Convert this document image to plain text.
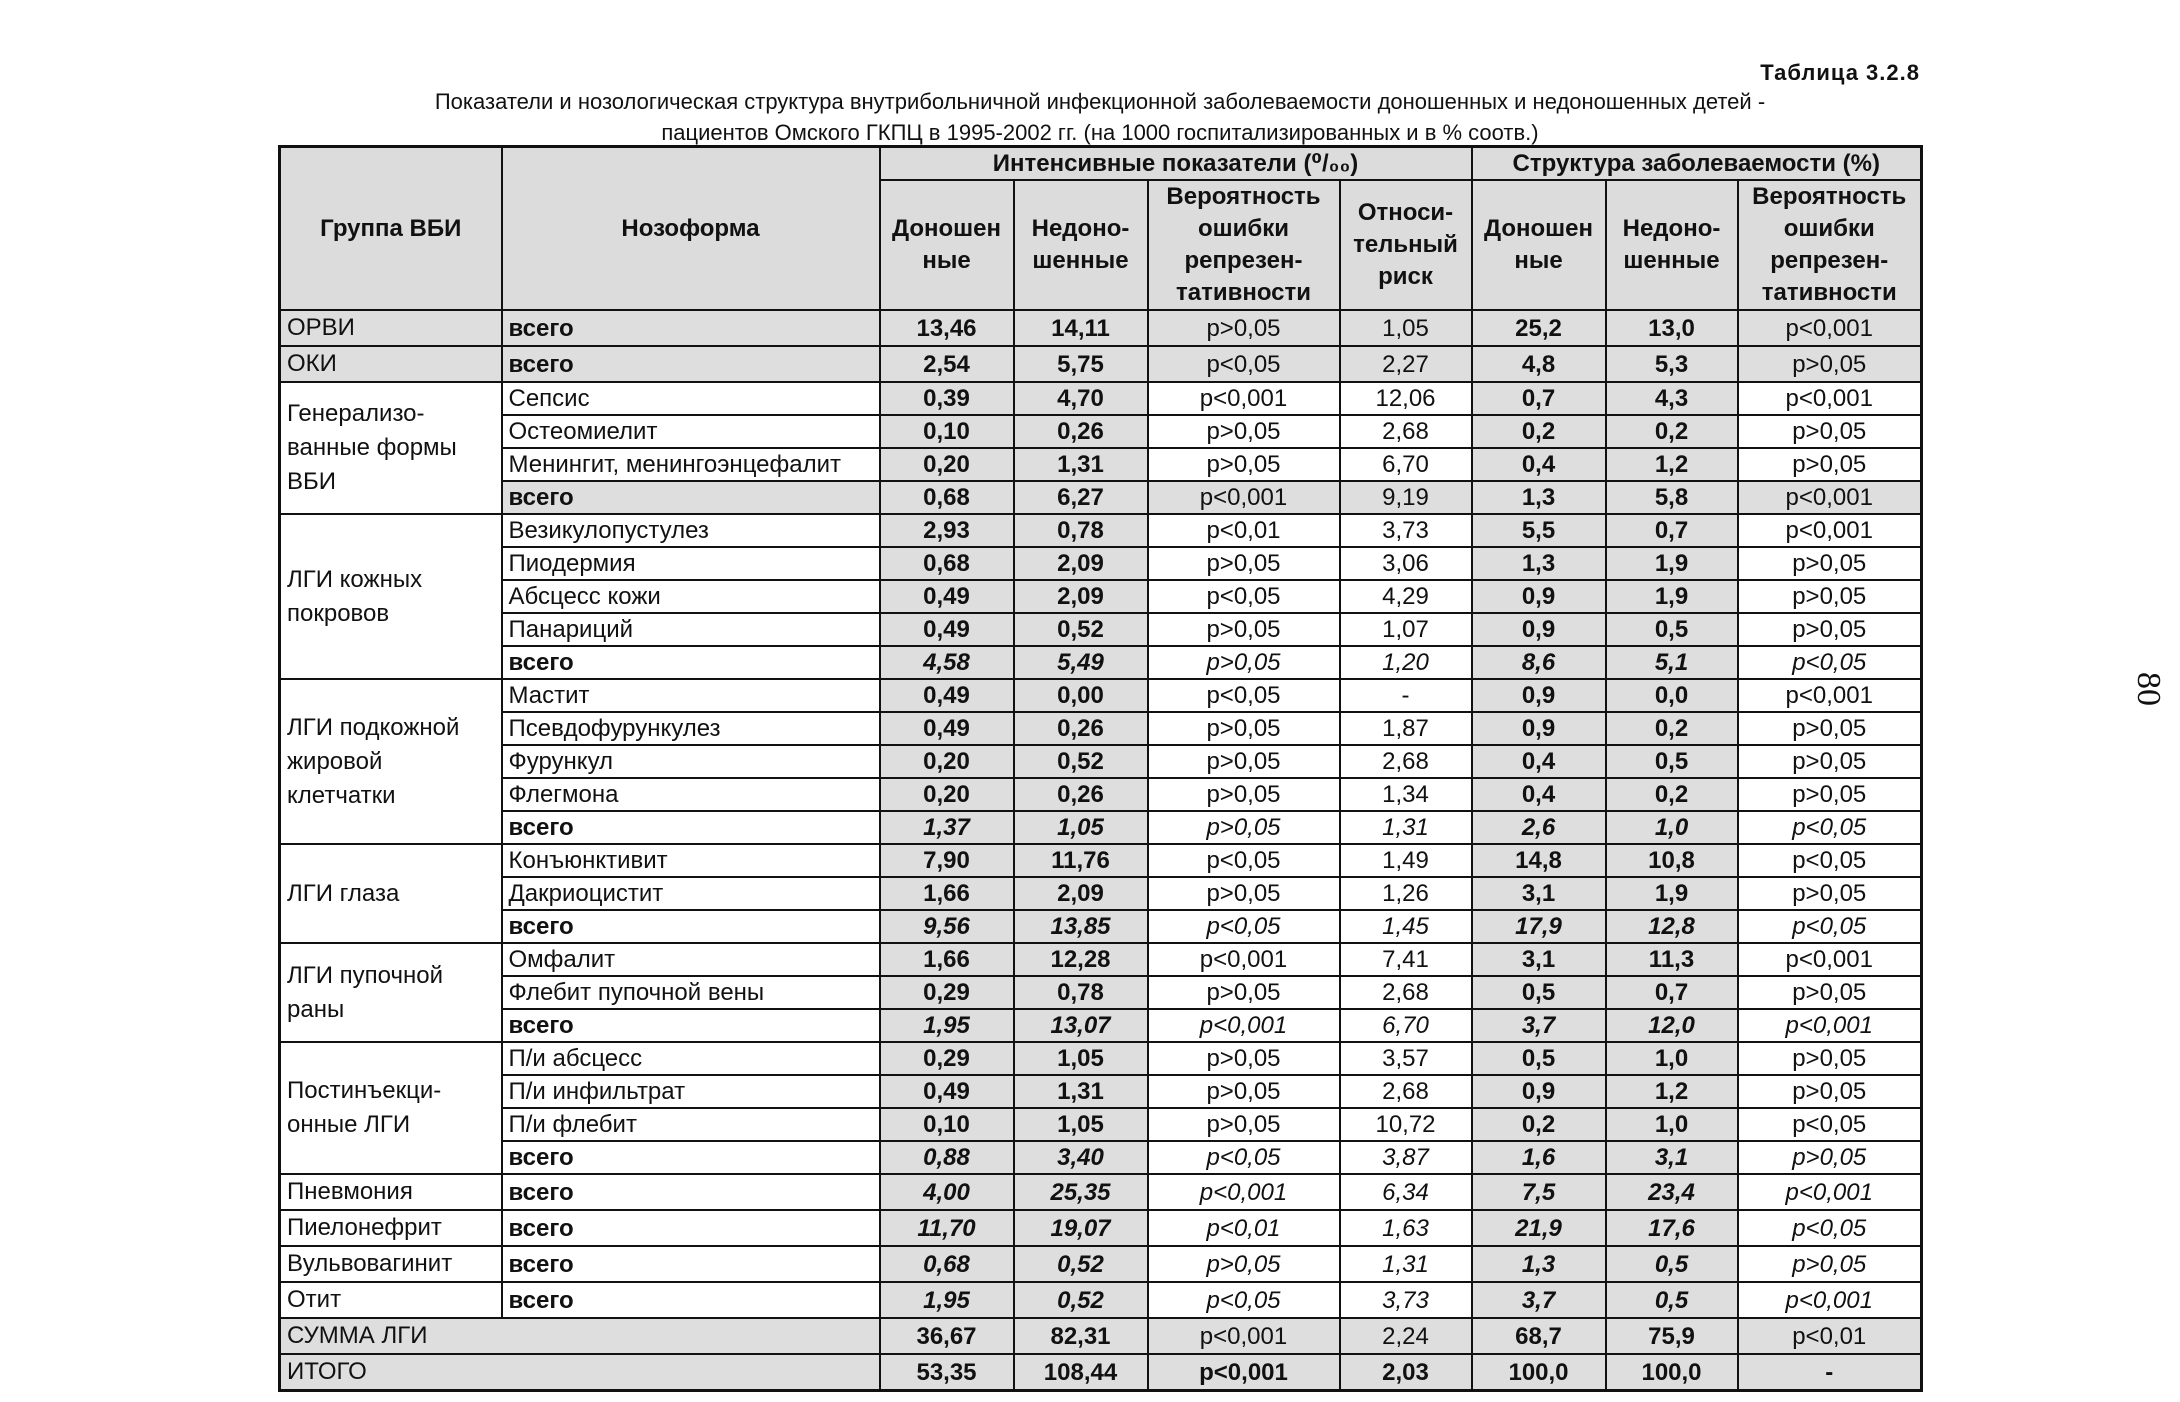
Таблица 3.2.8
Показатели и нозологическая структура внутрибольничной инфекционной заболеваемости доношенных и недоношенных детей -
пациентов Омского ГКПЦ в 1995-2002 гг. (на 1000 госпитализированных и в % соотв.)
80
Группа ВБИ	Нозоформа	Интенсивные показатели (⁰/₀₀)				Структура заболеваемости (%)		
		Доношен ные	Недоно- шенные	Вероятность ошибки репрезен- тативности	Относи- тельный риск	Доношен ные	Недоно- шенные	Вероятность ошибки репрезен- тативности
ОРВИ	всего	13,46	14,11	p>0,05	1,05	25,2	13,0	p<0,001
ОКИ	всего	2,54	5,75	p<0,05	2,27	4,8	5,3	p>0,05
Генерализо- ванные формы ВБИ	Сепсис	0,39	4,70	p<0,001	12,06	0,7	4,3	p<0,001
	Остеомиелит	0,10	0,26	p>0,05	2,68	0,2	0,2	p>0,05
	Менингит, менингоэнцефалит	0,20	1,31	p>0,05	6,70	0,4	1,2	p>0,05
	всего	0,68	6,27	p<0,001	9,19	1,3	5,8	p<0,001
ЛГИ кожных покровов	Везикулопустулез	2,93	0,78	p<0,01	3,73	5,5	0,7	p<0,001
	Пиодермия	0,68	2,09	p>0,05	3,06	1,3	1,9	p>0,05
	Абсцесс кожи	0,49	2,09	p<0,05	4,29	0,9	1,9	p>0,05
	Панариций	0,49	0,52	p>0,05	1,07	0,9	0,5	p>0,05
	всего	4,58	5,49	p>0,05	1,20	8,6	5,1	p<0,05
ЛГИ подкожной жировой клетчатки	Мастит	0,49	0,00	p<0,05	-	0,9	0,0	p<0,001
	Псевдофурункулез	0,49	0,26	p>0,05	1,87	0,9	0,2	p>0,05
	Фурункул	0,20	0,52	p>0,05	2,68	0,4	0,5	p>0,05
	Флегмона	0,20	0,26	p>0,05	1,34	0,4	0,2	p>0,05
	всего	1,37	1,05	p>0,05	1,31	2,6	1,0	p<0,05
ЛГИ глаза	Конъюнктивит	7,90	11,76	p<0,05	1,49	14,8	10,8	p<0,05
	Дакриоцистит	1,66	2,09	p>0,05	1,26	3,1	1,9	p>0,05
	всего	9,56	13,85	p<0,05	1,45	17,9	12,8	p<0,05
ЛГИ пупочной раны	Омфалит	1,66	12,28	p<0,001	7,41	3,1	11,3	p<0,001
	Флебит пупочной вены	0,29	0,78	p>0,05	2,68	0,5	0,7	p>0,05
	всего	1,95	13,07	p<0,001	6,70	3,7	12,0	p<0,001
Постинъекци- онные ЛГИ	П/и абсцесс	0,29	1,05	p>0,05	3,57	0,5	1,0	p>0,05
	П/и инфильтрат	0,49	1,31	p>0,05	2,68	0,9	1,2	p>0,05
	П/и флебит	0,10	1,05	p>0,05	10,72	0,2	1,0	p<0,05
	всего	0,88	3,40	p<0,05	3,87	1,6	3,1	p>0,05
Пневмония	всего	4,00	25,35	p<0,001	6,34	7,5	23,4	p<0,001
Пиелонефрит	всего	11,70	19,07	p<0,01	1,63	21,9	17,6	p<0,05
Вульвовагинит	всего	0,68	0,52	p>0,05	1,31	1,3	0,5	p>0,05
Отит	всего	1,95	0,52	p<0,05	3,73	3,7	0,5	p<0,001
СУММА ЛГИ		36,67	82,31	p<0,001	2,24	68,7	75,9	p<0,01
ИТОГО		53,35	108,44	p<0,001	2,03	100,0	100,0	-
